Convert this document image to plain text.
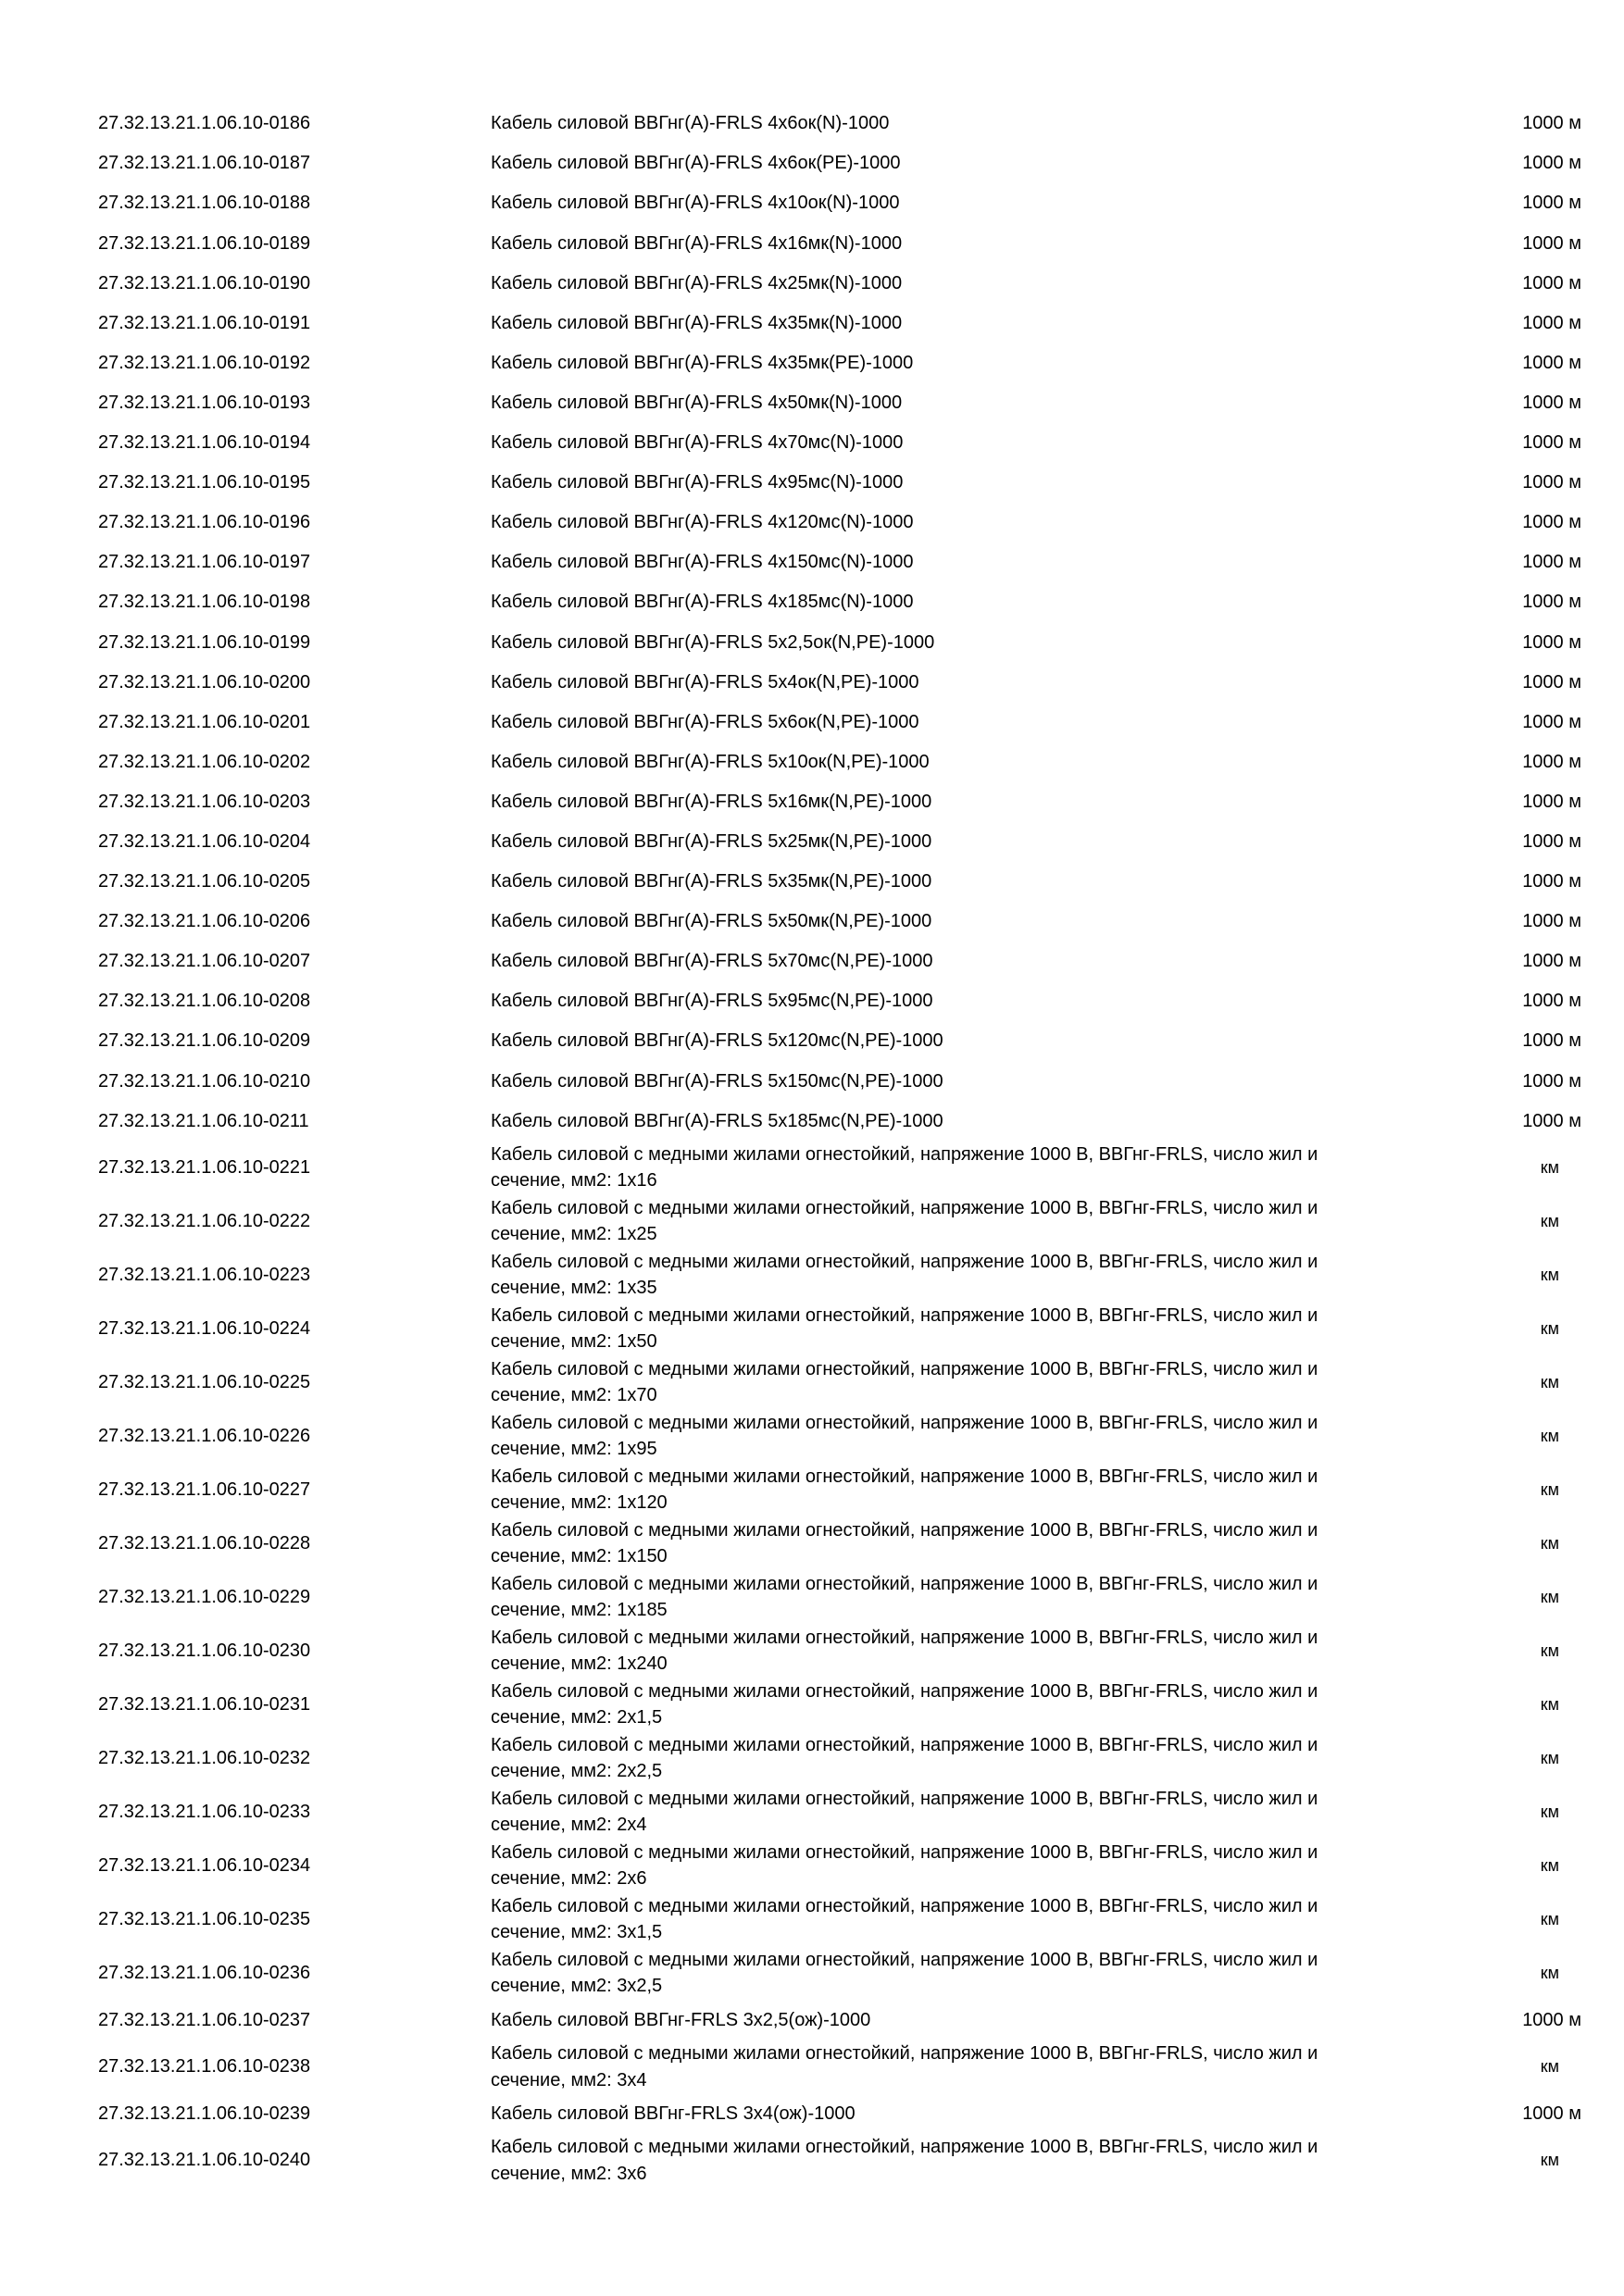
27.32.13.21.1.06.10-0186	Кабель силовой ВВГнг(А)-FRLS 4х6ок(N)-1000	1000 м
27.32.13.21.1.06.10-0187	Кабель силовой ВВГнг(А)-FRLS 4х6ок(PE)-1000	1000 м
27.32.13.21.1.06.10-0188	Кабель силовой ВВГнг(А)-FRLS 4х10ок(N)-1000	1000 м
27.32.13.21.1.06.10-0189	Кабель силовой ВВГнг(А)-FRLS 4х16мк(N)-1000	1000 м
27.32.13.21.1.06.10-0190	Кабель силовой ВВГнг(А)-FRLS 4х25мк(N)-1000	1000 м
27.32.13.21.1.06.10-0191	Кабель силовой ВВГнг(А)-FRLS 4х35мк(N)-1000	1000 м
27.32.13.21.1.06.10-0192	Кабель силовой ВВГнг(А)-FRLS 4х35мк(PE)-1000	1000 м
27.32.13.21.1.06.10-0193	Кабель силовой ВВГнг(А)-FRLS 4х50мк(N)-1000	1000 м
27.32.13.21.1.06.10-0194	Кабель силовой ВВГнг(А)-FRLS 4х70мс(N)-1000	1000 м
27.32.13.21.1.06.10-0195	Кабель силовой ВВГнг(А)-FRLS 4х95мс(N)-1000	1000 м
27.32.13.21.1.06.10-0196	Кабель силовой ВВГнг(А)-FRLS 4х120мс(N)-1000	1000 м
27.32.13.21.1.06.10-0197	Кабель силовой ВВГнг(А)-FRLS 4х150мс(N)-1000	1000 м
27.32.13.21.1.06.10-0198	Кабель силовой ВВГнг(А)-FRLS 4х185мс(N)-1000	1000 м
27.32.13.21.1.06.10-0199	Кабель силовой ВВГнг(А)-FRLS 5х2,5ок(N,PE)-1000	1000 м
27.32.13.21.1.06.10-0200	Кабель силовой ВВГнг(А)-FRLS 5х4ок(N,PE)-1000	1000 м
27.32.13.21.1.06.10-0201	Кабель силовой ВВГнг(А)-FRLS 5х6ок(N,PE)-1000	1000 м
27.32.13.21.1.06.10-0202	Кабель силовой ВВГнг(А)-FRLS 5х10ок(N,PE)-1000	1000 м
27.32.13.21.1.06.10-0203	Кабель силовой ВВГнг(А)-FRLS 5х16мк(N,PE)-1000	1000 м
27.32.13.21.1.06.10-0204	Кабель силовой ВВГнг(А)-FRLS 5х25мк(N,PE)-1000	1000 м
27.32.13.21.1.06.10-0205	Кабель силовой ВВГнг(А)-FRLS 5х35мк(N,PE)-1000	1000 м
27.32.13.21.1.06.10-0206	Кабель силовой ВВГнг(А)-FRLS 5х50мк(N,PE)-1000	1000 м
27.32.13.21.1.06.10-0207	Кабель силовой ВВГнг(А)-FRLS 5х70мс(N,PE)-1000	1000 м
27.32.13.21.1.06.10-0208	Кабель силовой ВВГнг(А)-FRLS 5х95мс(N,PE)-1000	1000 м
27.32.13.21.1.06.10-0209	Кабель силовой ВВГнг(А)-FRLS 5х120мс(N,PE)-1000	1000 м
27.32.13.21.1.06.10-0210	Кабель силовой ВВГнг(А)-FRLS 5х150мс(N,PE)-1000	1000 м
27.32.13.21.1.06.10-0211	Кабель силовой ВВГнг(А)-FRLS 5х185мс(N,PE)-1000	1000 м
27.32.13.21.1.06.10-0221	Кабель силовой с медными жилами огнестойкий, напряжение 1000 В, ВВГнг-FRLS, число жил и сечение, мм2: 1x16	км
27.32.13.21.1.06.10-0222	Кабель силовой с медными жилами огнестойкий, напряжение 1000 В, ВВГнг-FRLS, число жил и сечение, мм2: 1x25	км
27.32.13.21.1.06.10-0223	Кабель силовой с медными жилами огнестойкий, напряжение 1000 В, ВВГнг-FRLS, число жил и сечение, мм2: 1x35	км
27.32.13.21.1.06.10-0224	Кабель силовой с медными жилами огнестойкий, напряжение 1000 В, ВВГнг-FRLS, число жил и сечение, мм2: 1x50	км
27.32.13.21.1.06.10-0225	Кабель силовой с медными жилами огнестойкий, напряжение 1000 В, ВВГнг-FRLS, число жил и сечение, мм2: 1x70	км
27.32.13.21.1.06.10-0226	Кабель силовой с медными жилами огнестойкий, напряжение 1000 В, ВВГнг-FRLS, число жил и сечение, мм2: 1x95	км
27.32.13.21.1.06.10-0227	Кабель силовой с медными жилами огнестойкий, напряжение 1000 В, ВВГнг-FRLS, число жил и сечение, мм2: 1x120	км
27.32.13.21.1.06.10-0228	Кабель силовой с медными жилами огнестойкий, напряжение 1000 В, ВВГнг-FRLS, число жил и сечение, мм2: 1x150	км
27.32.13.21.1.06.10-0229	Кабель силовой с медными жилами огнестойкий, напряжение 1000 В, ВВГнг-FRLS, число жил и сечение, мм2: 1x185	км
27.32.13.21.1.06.10-0230	Кабель силовой с медными жилами огнестойкий, напряжение 1000 В, ВВГнг-FRLS, число жил и сечение, мм2: 1x240	км
27.32.13.21.1.06.10-0231	Кабель силовой с медными жилами огнестойкий, напряжение 1000 В, ВВГнг-FRLS, число жил и сечение, мм2: 2x1,5	км
27.32.13.21.1.06.10-0232	Кабель силовой с медными жилами огнестойкий, напряжение 1000 В, ВВГнг-FRLS, число жил и сечение, мм2: 2x2,5	км
27.32.13.21.1.06.10-0233	Кабель силовой с медными жилами огнестойкий, напряжение 1000 В, ВВГнг-FRLS, число жил и сечение, мм2: 2x4	км
27.32.13.21.1.06.10-0234	Кабель силовой с медными жилами огнестойкий, напряжение 1000 В, ВВГнг-FRLS, число жил и сечение, мм2: 2x6	км
27.32.13.21.1.06.10-0235	Кабель силовой с медными жилами огнестойкий, напряжение 1000 В, ВВГнг-FRLS, число жил и сечение, мм2: 3x1,5	км
27.32.13.21.1.06.10-0236	Кабель силовой с медными жилами огнестойкий, напряжение 1000 В, ВВГнг-FRLS, число жил и сечение, мм2: 3x2,5	км
27.32.13.21.1.06.10-0237	Кабель силовой ВВГнг-FRLS 3х2,5(ож)-1000	1000 м
27.32.13.21.1.06.10-0238	Кабель силовой с медными жилами огнестойкий, напряжение 1000 В, ВВГнг-FRLS, число жил и сечение, мм2: 3x4	км
27.32.13.21.1.06.10-0239	Кабель силовой ВВГнг-FRLS 3х4(ож)-1000	1000 м
27.32.13.21.1.06.10-0240	Кабель силовой с медными жилами огнестойкий, напряжение 1000 В, ВВГнг-FRLS, число жил и сечение, мм2: 3x6	км
